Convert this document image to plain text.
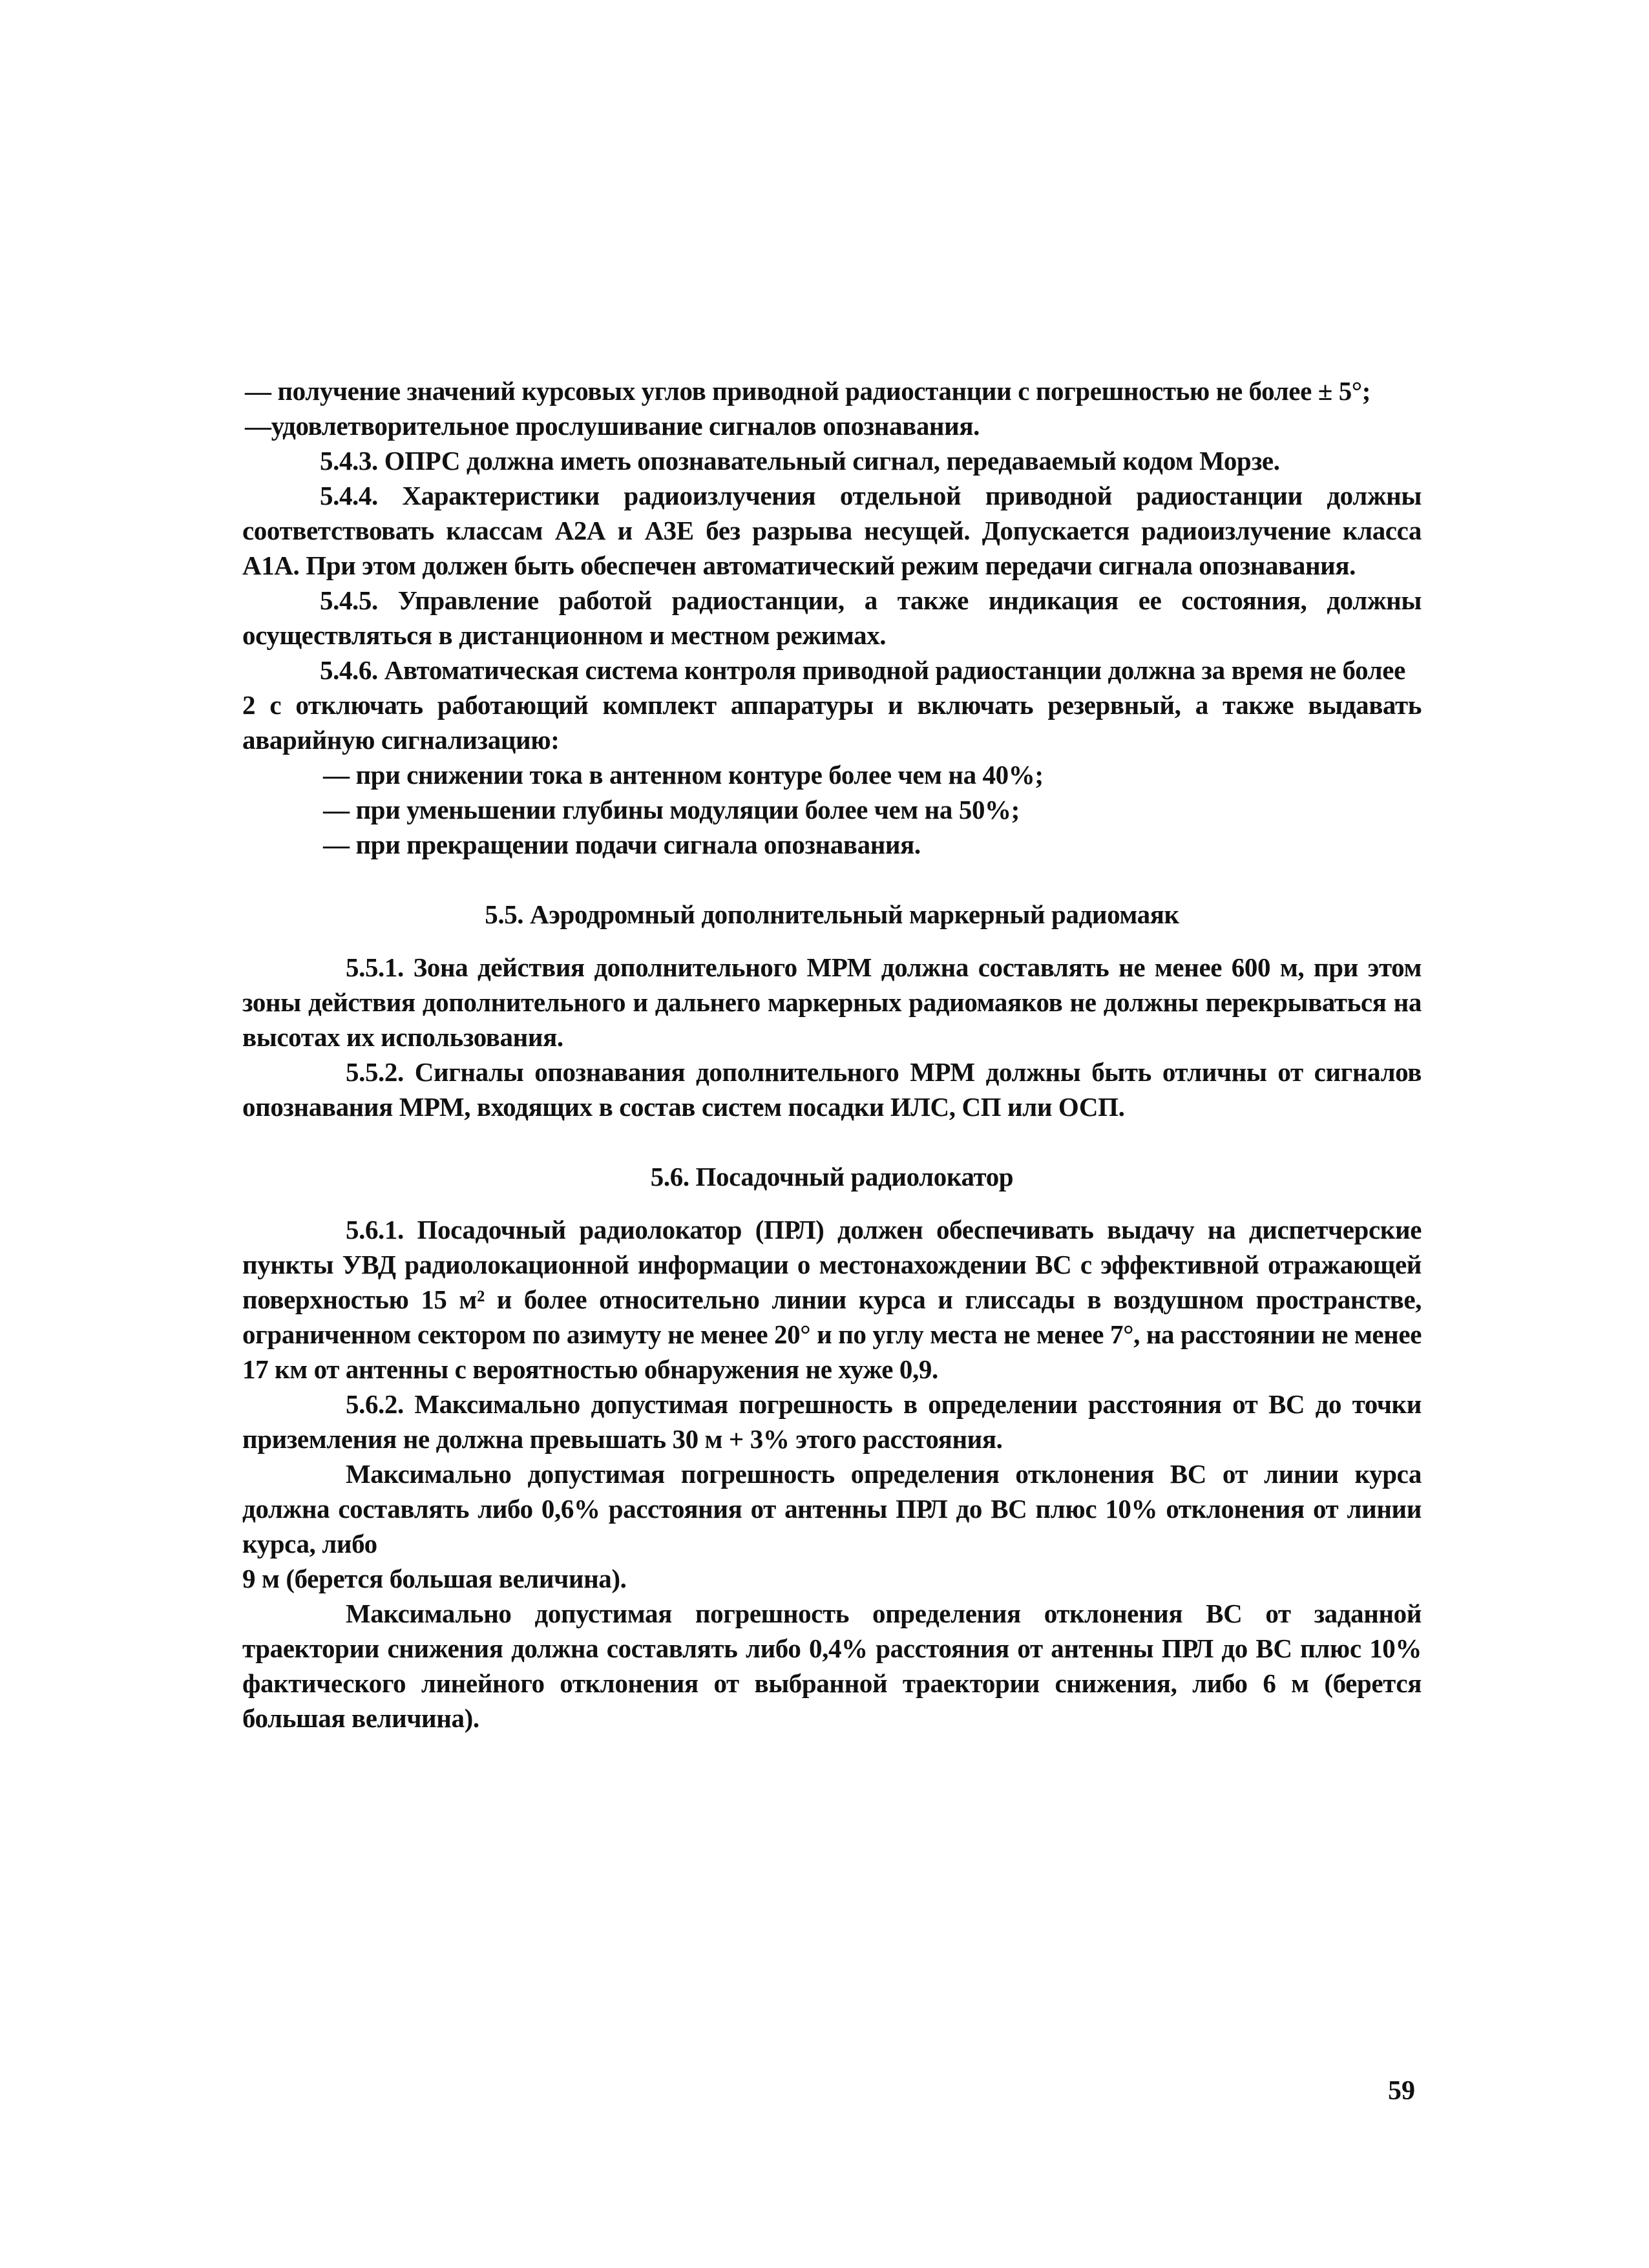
— получение значений курсовых углов приводной радиостанции с погрешностью не более ± 5°;

—удовлетворительное прослушивание сигналов опознавания.

5.4.3. ОПРС должна иметь опознавательный сигнал, передаваемый кодом Морзе.

5.4.4. Характеристики радиоизлучения отдельной приводной радиостанции должны соответствовать классам А2А и А3Е без разрыва несущей. Допускается радиоизлучение класса А1А. При этом должен быть обеспечен автоматический режим передачи сигнала опознавания.

5.4.5. Управление работой радиостанции, а также индикация ее состояния, должны осуществляться в дистанционном и местном режимах.

5.4.6. Автоматическая система контроля приводной радиостанции должна за время не более

2 с отключать работающий комплект аппаратуры и включать резервный, а также выдавать аварийную сигнализацию:

— при снижении тока в антенном контуре более чем на 40%;

— при уменьшении глубины модуляции более чем на 50%;

— при прекращении подачи сигнала опознавания.

5.5. Аэродромный дополнительный маркерный радиомаяк

5.5.1. Зона действия дополнительного МРМ должна составлять не менее 600 м, при этом зоны действия дополнительного и дальнего маркерных радиомаяков не должны перекрываться на высотах их использования.

5.5.2. Сигналы опознавания дополнительного МРМ должны быть отличны от сигналов опознавания МРМ, входящих в состав систем посадки ИЛС, СП или ОСП.

5.6. Посадочный радиолокатор

5.6.1. Посадочный радиолокатор (ПРЛ) должен обеспечивать выдачу на диспетчерские пункты УВД радиолокационной информации о местонахождении ВС с эффективной отражающей поверхностью 15 м² и более относительно линии курса и глиссады в воздушном пространстве, ограниченном сектором по азимуту не менее 20° и по углу места не менее 7°, на расстоянии не менее 17 км от антенны с вероятностью обнаружения не хуже 0,9.

5.6.2. Максимально допустимая погрешность в определении расстояния от ВС до точки приземления не должна превышать 30 м + 3% этого расстояния.

Максимально допустимая погрешность определения отклонения ВС от линии курса должна составлять либо 0,6% расстояния от антенны ПРЛ до ВС плюс 10% отклонения от линии курса, либо

9 м (берется большая величина).

Максимально допустимая погрешность определения отклонения ВС от заданной траектории снижения должна составлять либо 0,4% расстояния от антенны ПРЛ до ВС плюс 10% фактического линейного отклонения от выбранной траектории снижения, либо 6 м (берется большая величина).

59
